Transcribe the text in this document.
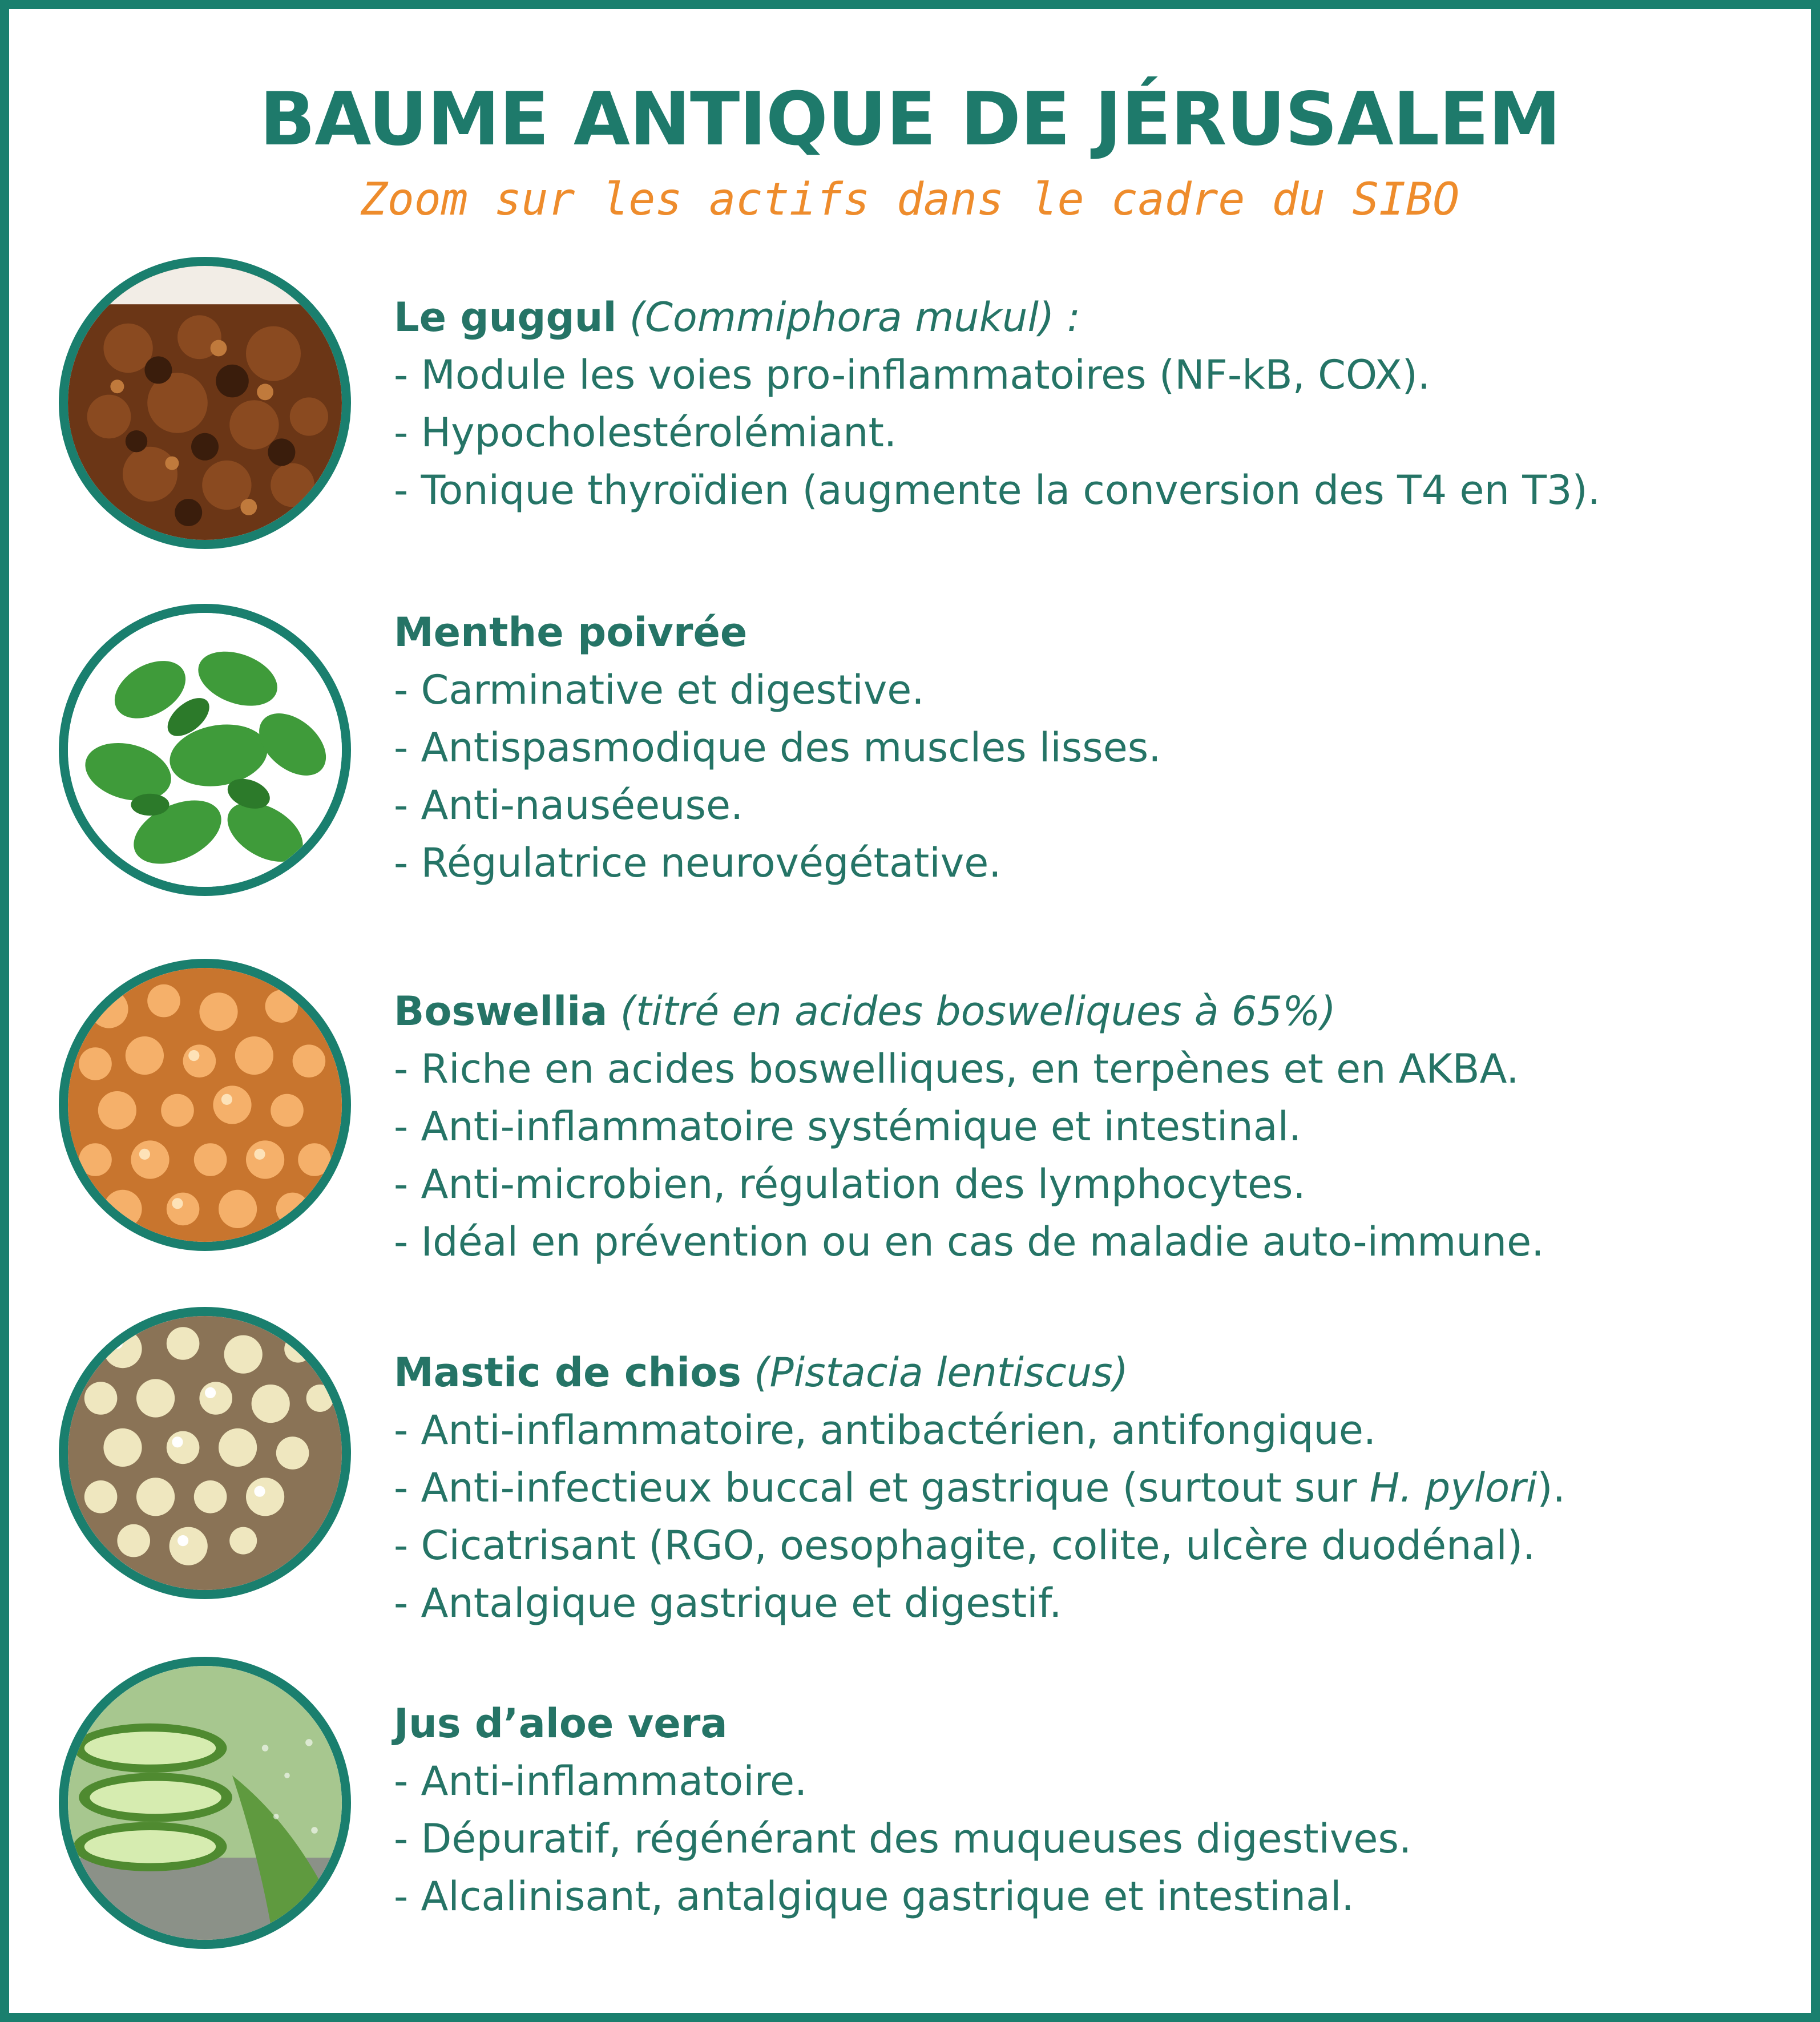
BAUME ANTIQUE DE JÉRUSALEM
Zoom sur les actifs dans le cadre du SIBO
Le guggul (Commiphora mukul) :
- Module les voies pro-inflammatoires (NF-kB, COX).
- Hypocholestérolémiant.
- Tonique thyroïdien (augmente la conversion des T4 en T3).
Menthe poivrée
- Carminative et digestive.
- Antispasmodique des muscles lisses.
- Anti-nauséeuse.
- Régulatrice neurovégétative.
Boswellia (titré en acides bosweliques à 65%)
- Riche en acides boswelliques, en terpènes et en AKBA.
- Anti-inflammatoire systémique et intestinal.
- Anti-microbien, régulation des lymphocytes.
- Idéal en prévention ou en cas de maladie auto-immune.
Mastic de chios (Pistacia lentiscus)
- Anti-inflammatoire, antibactérien, antifongique.
- Anti-infectieux buccal et gastrique (surtout sur H. pylori).
- Cicatrisant (RGO, oesophagite, colite, ulcère duodénal).
- Antalgique gastrique et digestif.
Jus d’aloe vera
- Anti-inflammatoire.
- Dépuratif, régénérant des muqueuses digestives.
- Alcalinisant, antalgique gastrique et intestinal.
